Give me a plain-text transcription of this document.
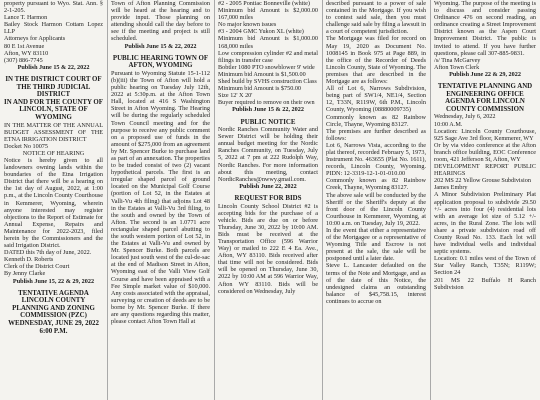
property pursuant to Wyo. Stat. Ann. § 2-1-205.

Lance T. Harmon

Bailey Stock Harmon Cottam Lopez LLP

Attorneys for Applicants

80 E 1st Avenue

Afton, WY 83110

(307) 886-7745

Publish June 15 & 22, 2022

IN THE DISTRICT COURT OF THE THIRD JUDICIAL DISTRICT

IN AND FOR THE COUNTY OF LINCOLN, STATE OF WYOMING

IN THE MATTER OF THE ANNUAL BUDGET ASSESSMENT OF THE ETNA IRRIGATION DISTRICT

Docket No 10075

NOTICE OF HEARING

Notice is hereby given to all landowners owning lands within the boundaries of the Etna Irrigation District that there will be a hearing on the 1st day of August, 2022, at 1:00 p.m., at the Lincoln County Courthouse in Kemmerer, Wyoming, wherein anyone interested may register objections to the Report of Estimate for Annual Expense, Repairs and Maintenance for 2022-2023, filed herein by the Commissioners and the said Irrigation District.

DATED this 7th day of June, 2022.

Kenneth D. Roberts

Clerk of the District Court

By Jenny Clarke

Publish June 15, 22 & 29, 2022

TENTATIVE AGENDA LINCOLN COUNTY PLANNING AND ZONING COMMISSION (PZC) WEDNESDAY, JUNE 29, 2022 6:00 P.M.

Town of Afton Planning Commission will be heard at the hearing and to provide input. Those planning on attending should call the day before to see if the meeting and project is still scheduled.

Publish June 15 & 22, 2022

PUBLIC HEARING TOWN OF AFTON, WYOMING

Pursuant to Wyoming Statute 15-1-112 (b)(iii) the Town of Afton will hold a public hearing on Tuesday July 12th, 2022 at 5:30p.m. at the Afton Town Hall, located at 416 S Washington Street in Afton Wyoming. The Hearing will be during the regularly scheduled Town Council meeting and for the purpose to receive any public comment on a proposed use of funds in the amount of $275,000 from an agreement by Mr. Spencer Burke to purchase land as part of an annexation. The properties to be traded consist of two (2) vacant hypothetical parcels. The first is an irregular shaped parcel of ground located on the Municipal Golf Course (portion of Lot 52, in the Estates at Valli-Vu 4th filing) that adjoins Lot 48 in the Estates at Valli-Vu 3rd filing, to the south and owned by the Town of Afton. The second is an 1.0771 acre rectangular shaped parcel abutting to the south western portion of Lot 52, in the Estates at Valli-Vu and owned by Mr. Spencer Burke. Both parcels are located just south west of the cul-de-sac at the end of Madison Street in Afton, Wyoming east of the Valli View Golf Course and have been appraised with a Fee Simple market value of $10,000. Any costs associated with the appraisal, surveying or creation of deeds are to be borne by Mr. Spencer Burke. If there are any questions regarding this matter, please contact Afton Town Hall at

#2 - 2005 Pontiac Bonneville (white)

Minimum bid Amount is $2,000.00 167,000 miles

No major known issues

#3 - 2004 GMC Yukon XL (white)

Minimum bid Amount is $1,000.00 168,000 miles

Low compression cylinder #2 and metal filings in transfer case

Bobtler 1080 PTO snowblower 9' wide

Minimum bid Amount is $1,500.00

Shed build by SVHS construction Class

Minimum bid Amount is $750.00

Size 12' X 20'

Buyer required to remove on their own

Publish June 15 & 22, 2022

PUBLIC NOTICE

Nordic Ranches Community Water and Sewer District will be holding their annual budget meeting for the Nordic Ranches Community, on Tuesday, July 5, 2022 at 7 pm at 222 Rudolph Way, Nordic Ranches. For more information about this meeting, contact NordicRanches@nwwy.gmail.com.

Publish June 22, 2022

REQUEST FOR BIDS

Lincoln County School District #2 is accepting bids for the purchase of a vehicle. Bids are due on or before Thursday, June 30, 2022 by 10:00 AM. Bids must be received at the Transportation Office (596 Warrior Way) or mailed to 222 E 4 Ea. Ave., Afton, WY 83110. Bids received after that time will not be considered. Bids will be opened on Thursday, June 30, 2022 by 10:00 AM at 596 Warrior Way, Afton WY 83110. Bids will be considered on Wednesday, July

described pursuant to a power of sale contained in the Mortgage. If you wish to contest said sale, then you must challenge said sale by filing a lawsuit in a court of competent jurisdiction.

The Mortgage was filed for record on May 19, 2020 as Document No. 1008145 in Book 975 at Page 889, in the office of the Recorder of Deeds Lincoln County, State of Wyoming. The premises that are described in the Mortgage are as follows:

All of Lot 6, Narrows Subdivision, being part of SW1/4, NE1/4, Section 12, T33N, R119W, 6th P.M., Lincoln County, Wyoming (08880009735)

Commonly known as 82 Rainbow Circle, Thayne, Wyoming 83127.

The premises are further described as follows:

Lot 6, Narrows Vista, according to the plat thereof, recorded February 5, 1973, Instrument No. 463655 (Plat No. 1611), records, Lincoln County, Wyoming. PIDN: 12-3319-12-1-01-010.00

Commonly known as 82 Rainbow Creek, Thayne, Wyoming 83127.

The above sale will be conducted by the Sheriff or the Sheriff's deputy at the front door of the Lincoln County Courthouse in Kemmerer, Wyoming, at 10:00 a.m. on Tuesday, July 19, 2022.

In the event that either a representative of the Mortgagee or a representative of Wyoming Title and Escrow is not present at the sale, the sale will be postponed until a later date.

Steve L. Lancaster defaulted on the terms of the Note and Mortgage, and as of the date of this Notice, the undesigned claims an outstanding balance of $45,758.15, interest continues to accrue on

Wyoming. The purpose of the meeting is to discuss and consider passing Ordinance 476 on second reading, an ordinance creating a Street Improvement District known as the Aspen Court Improvement District. The public is invited to attend. If you have further questions, please call 307-885-9831.

/s/ Tina McGarvey

Afton Town Clerk

Publish June 22 & 29, 2022

TENTATIVE PLANNING AND ENGINEERING OFFICE AGENDA FOR LINCOLN COUNTY COMMISSION

Wednesday, July 6, 2022

10:00 A.M.

Location: Lincoln County Courthouse, 925 Sage Ave 3rd floor, Kemmerer, WY

Or by via video conference at the Afton branch office building, EOC Conference room, 421 Jefferson St, Afton, WY

DEVELOPMENT REPORT PUBLIC HEARINGS

202 MS 22 Yellow Grouse Subdivision

James Embry

A Minor Subdivision Preliminary Plat application proposal to subdivide 29.50 +/- acres into four (4) residential lots with an average lot size of 5.12 +/- acres, in the Rural Zone. The lots will share a private subdivision road off County Road No. 133. Each lot will have individual wells and individual septic systems.

Location: 0.1 miles west of the Town of Star Valley Ranch, T35N; R119W; Section 24

201 MS 22 Buffalo H Ranch Subdivision
